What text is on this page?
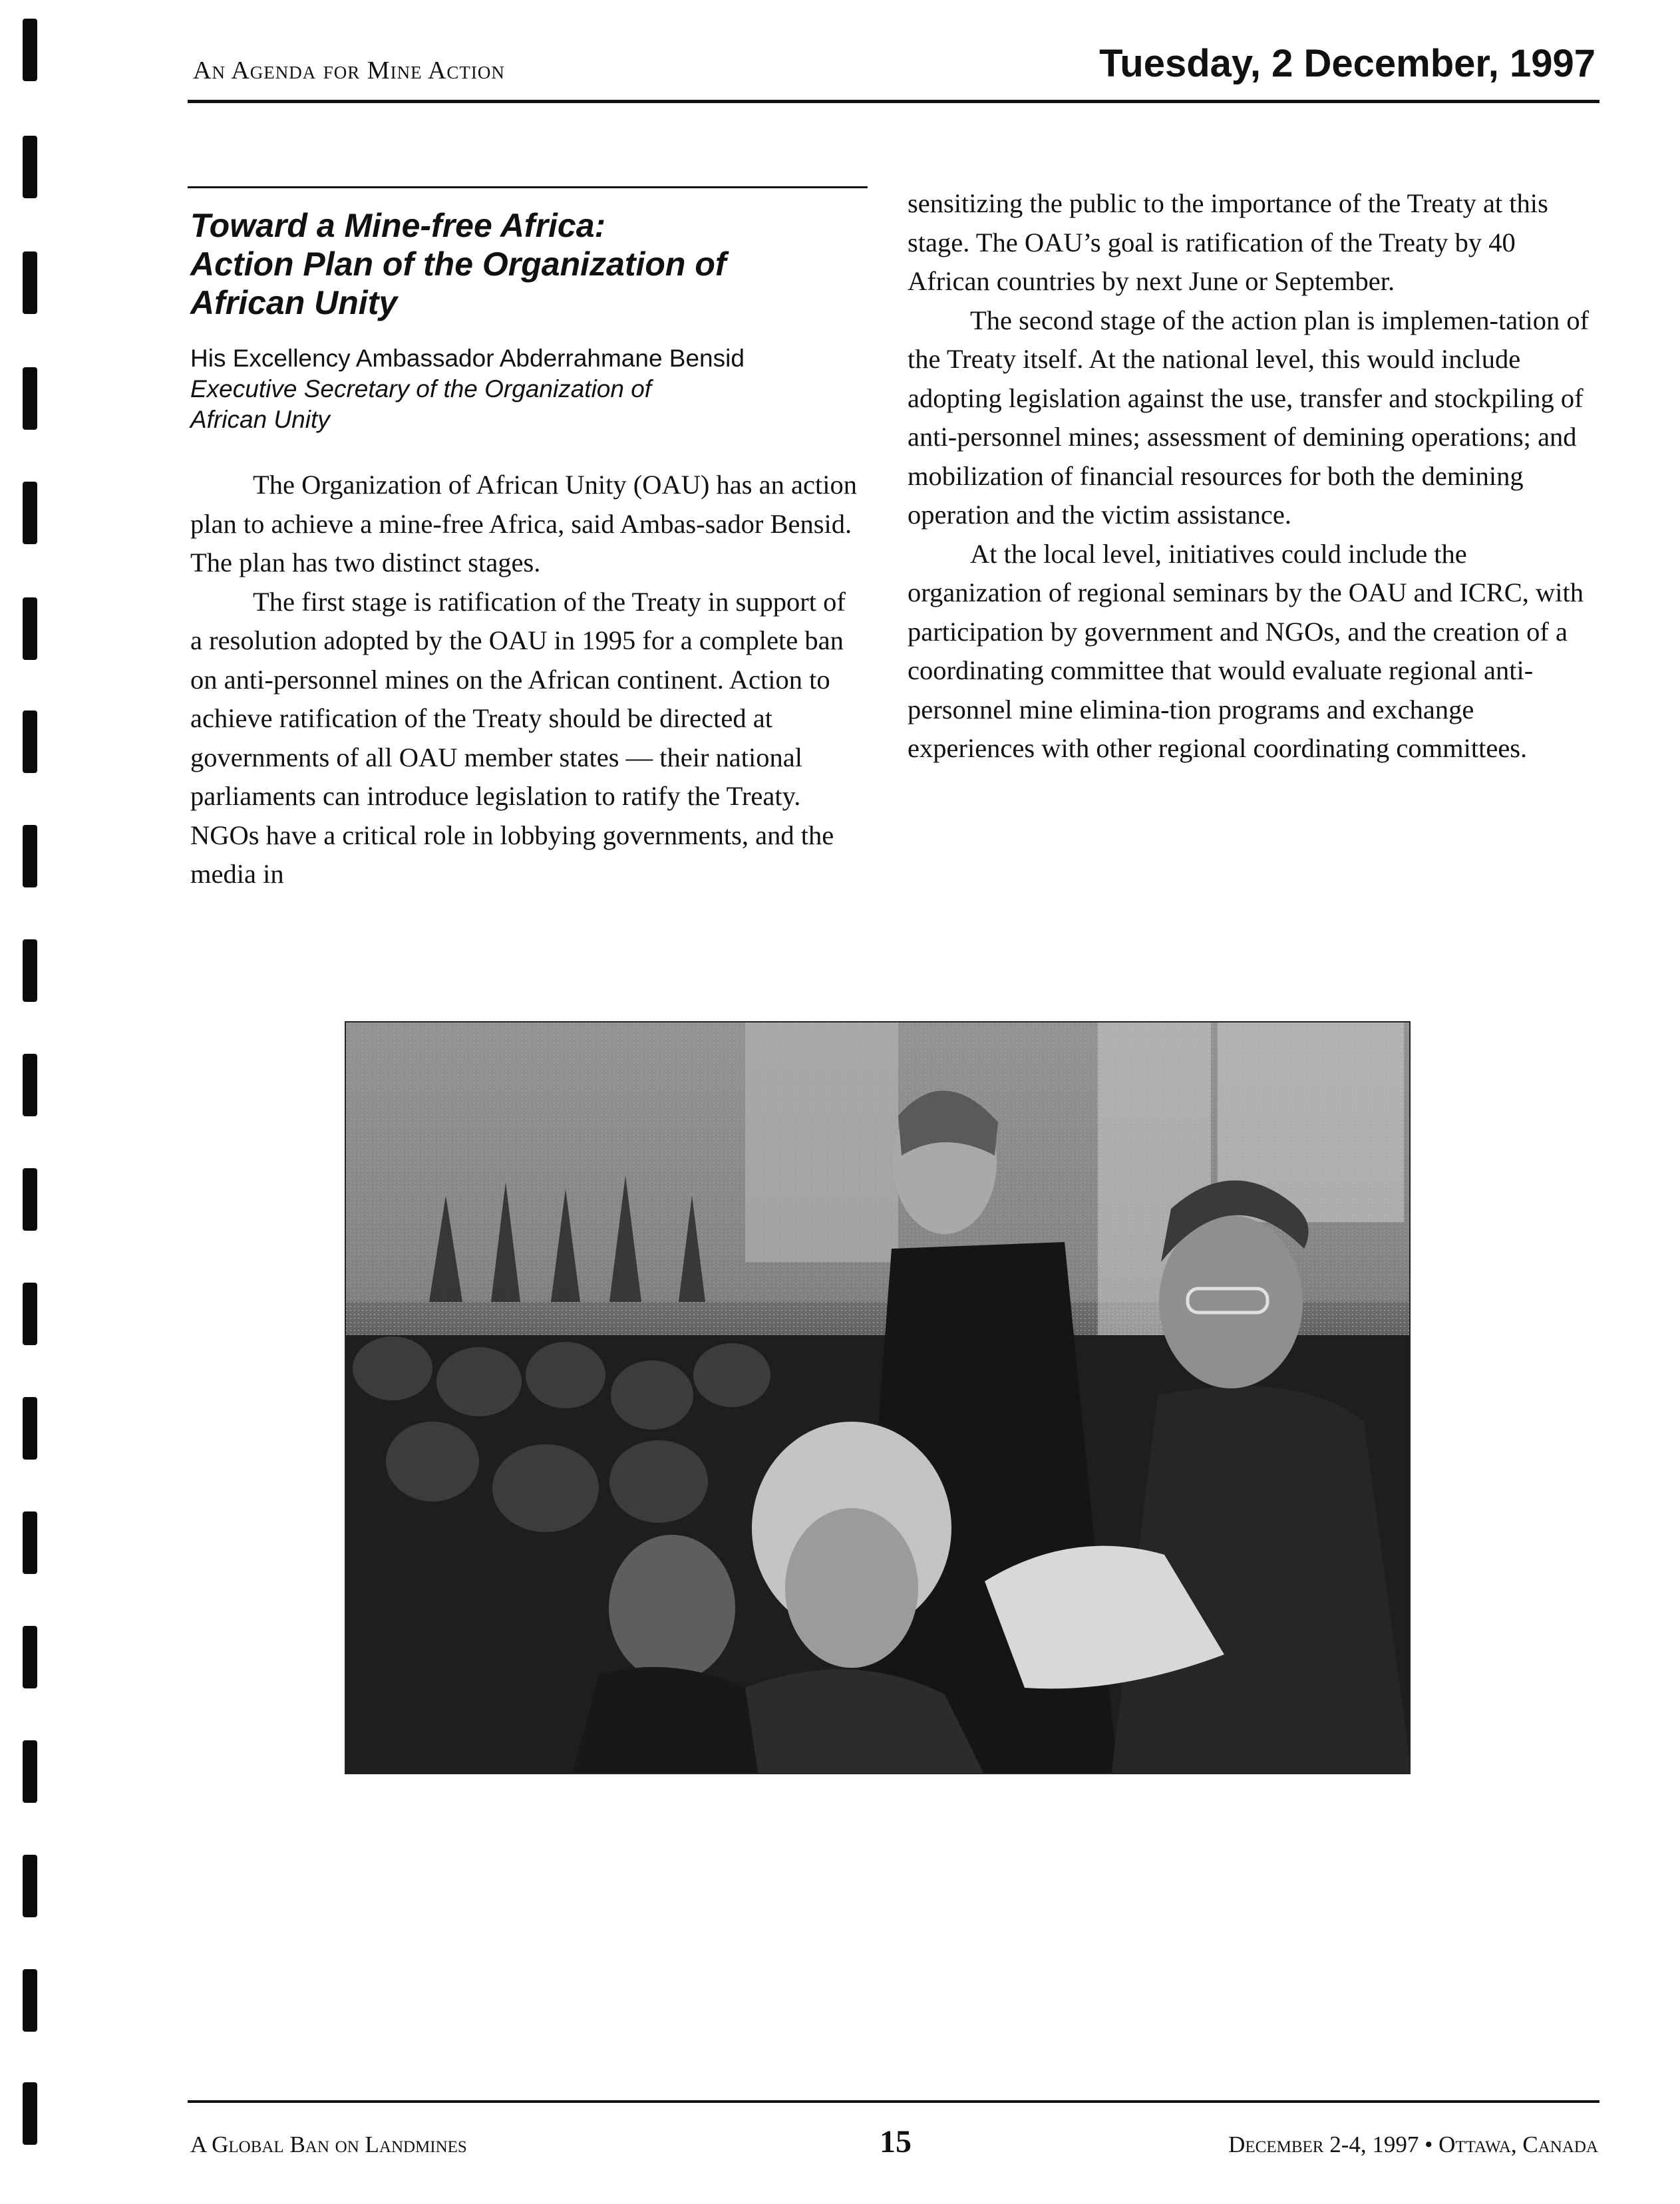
An Agenda for Mine Action	Tuesday, 2 December, 1997
Toward a Mine-free Africa:
Action Plan of the Organization of
African Unity
His Excellency Ambassador Abderrahmane Bensid
Executive Secretary of the Organization of
African Unity

The Organization of African Unity (OAU) has an action plan to achieve a mine-free Africa, said Ambas-sador Bensid. The plan has two distinct stages.

The first stage is ratification of the Treaty in support of a resolution adopted by the OAU in 1995 for a complete ban on anti-personnel mines on the African continent. Action to achieve ratification of the Treaty should be directed at governments of all OAU member states — their national parliaments can introduce legislation to ratify the Treaty. NGOs have a critical role in lobbying governments, and the media in

sensitizing the public to the importance of the Treaty at this stage. The OAU’s goal is ratification of the Treaty by 40 African countries by next June or September.

The second stage of the action plan is implemen-tation of the Treaty itself. At the national level, this would include adopting legislation against the use, transfer and stockpiling of anti-personnel mines; assessment of demining operations; and mobilization of financial resources for both the demining operation and the victim assistance.

At the local level, initiatives could include the organization of regional seminars by the OAU and ICRC, with participation by government and NGOs, and the creation of a coordinating committee that would evaluate regional anti-personnel mine elimina-tion programs and exchange experiences with other regional coordinating committees.

A Global Ban on Landmines	15	December 2-4, 1997 • Ottawa, Canada
